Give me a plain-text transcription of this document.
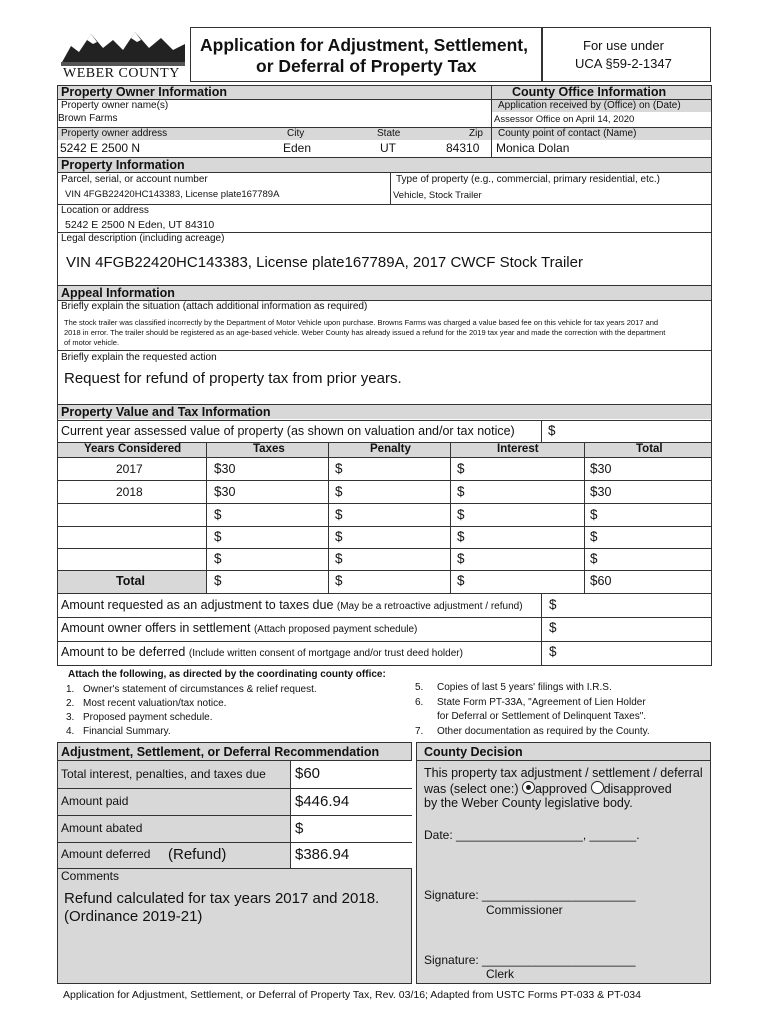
WEBER COUNTY
Application for Adjustment, Settlement,
or Deferral of Property Tax
For use under
UCA §59-2-1347
Property Owner Information	County Office Information
Property owner name(s)
Brown Farms
Application received by (Office) on (Date)
Assessor Office on April 14, 2020
Property owner address	City	State	Zip County point of contact (Name)
5242 E 2500 N	Eden	UT	84310 Monica Dolan
Property Information
Parcel, serial, or account number	Type of property (e.g., commercial, primary residential, etc.)
VIN 4FGB22420HC143383, License plate167789A	Vehicle, Stock Trailer
Location or address
5242 E 2500 N Eden, UT 84310
Legal description (including acreage)
VIN 4FGB22420HC143383, License plate167789A, 2017 CWCF Stock Trailer
Appeal Information
Briefly explain the situation (attach additional information as required)
The stock trailer was classified incorrectly by the Department of Motor Vehicle upon purchase. Browns Farms was charged a value based fee on this vehicle for tax years 2017 and
2018 in error. The trailer should be registered as an age-based vehicle. Weber County has already issued a refund for the 2019 tax year and made the correction with the department
of motor vehicle.
Briefly explain the requested action
Request for refund of property tax from prior years.
Property Value and Tax Information
Current year assessed value of property (as shown on valuation and/or tax notice) $
Years Considered	Taxes	Penalty	Interest	Total
2017	$30	$	$	$30
2018	$30	$	$	$30
$	$	$	$
$	$	$	$
$	$	$	$
Total	$	$	$	$60
Amount requested as an adjustment to taxes due (May be a retroactive adjustment / refund) $
Amount owner offers in settlement (Attach proposed payment schedule)	$
Amount to be deferred (Include written consent of mortgage and/or trust deed holder)	$
Attach the following, as directed by the coordinating county office:
1. Owner's statement of circumstances & relief request.
2. Most recent valuation/tax notice.
3. Proposed payment schedule.
4. Financial Summary.
5. Copies of last 5 years' filings with I.R.S.
6. State Form PT-33A, "Agreement of Lien Holder
for Deferral or Settlement of Delinquent Taxes".
7. Other documentation as required by the County.
Adjustment, Settlement, or Deferral Recommendation
Total interest, penalties, and taxes due $60
Amount paid	$446.94
Amount abated	$
Amount deferred (Refund)	$386.94
Comments
Refund calculated for tax years 2017 and 2018.
(Ordinance 2019-21)
County Decision
This property tax adjustment / settlement / deferral
was (select one:) approved disapproved
by the Weber County legislative body.
Date: ___________________, _______.
Signature: _______________________
Commissioner
Signature: _______________________
Clerk
Application for Adjustment, Settlement, or Deferral of Property Tax, Rev. 03/16; Adapted from USTC Forms PT-033 & PT-034
